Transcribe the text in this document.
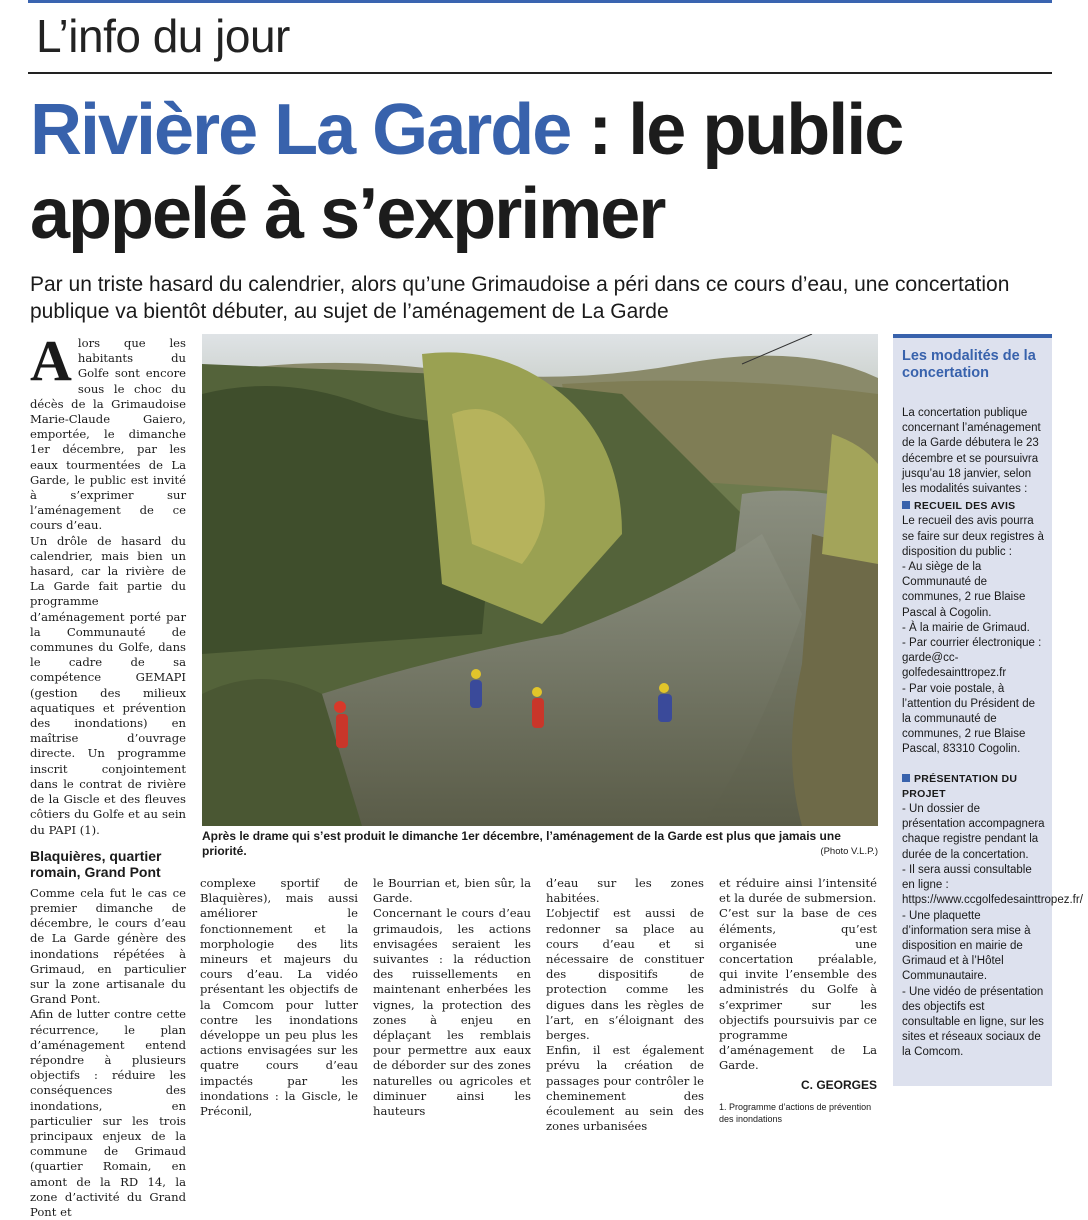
L’info du jour
Rivière La Garde : le public appelé à s’exprimer
Par un triste hasard du calendrier, alors qu’une Grimaudoise a péri dans ce cours d’eau, une concertation publique va bientôt débuter, au sujet de l’aménagement de La Garde

Alors que les habitants du Golfe sont encore sous le choc du décès de la Grimaudoise Marie-Claude Gaiero, emportée, le dimanche 1er décembre, par les eaux tourmentées de La Garde, le public est invité à s’exprimer sur l’aménagement de ce cours d’eau.

Un drôle de hasard du calendrier, mais bien un hasard, car la rivière de La Garde fait partie du programme d’aménagement porté par la Communauté de communes du Golfe, dans le cadre de sa compétence GEMAPI (gestion des milieux aquatiques et prévention des inondations) en maîtrise d’ouvrage directe. Un programme inscrit conjointement dans le contrat de rivière de la Giscle et des fleuves côtiers du Golfe et au sein du PAPI (1).

Blaquières, quartier romain, Grand Pont

Comme cela fut le cas ce premier dimanche de décembre, le cours d’eau de La Garde génère des inondations répétées à Grimaud, en particulier sur la zone artisanale du Grand Pont.

Afin de lutter contre cette récurrence, le plan d’aménagement entend répondre à plusieurs objectifs : réduire les conséquences des inondations, en particulier sur les trois principaux enjeux de la commune de Grimaud (quartier Romain, en amont de la RD 14, la zone d’activité du Grand Pont et

Après le drame qui s’est produit le dimanche 1er décembre, l’aménagement de la Garde est plus que jamais une priorité.	(Photo V.L.P.)

complexe sportif de Blaquières), mais aussi améliorer le fonctionnement et la morphologie des lits mineurs et majeurs du cours d’eau. La vidéo présentant les objectifs de la Comcom pour lutter contre les inondations développe un peu plus les actions envisagées sur les quatre cours d’eau impactés par les inondations : la Giscle, le Préconil,

le Bourrian et, bien sûr, la Garde.

Concernant le cours d’eau grimaudois, les actions envisagées seraient les suivantes : la réduction des ruissellements en maintenant enherbées les vignes, la protection des zones à enjeu en déplaçant les remblais pour permettre aux eaux de déborder sur des zones naturelles ou agricoles et diminuer ainsi les hauteurs

d’eau sur les zones habitées.

L’objectif est aussi de redonner sa place au cours d’eau et si nécessaire de constituer des dispositifs de protection comme les digues dans les règles de l’art, en s’éloignant des berges.

Enfin, il est également prévu la création de passages pour contrôler le cheminement des écoulement au sein des zones urbanisées

et réduire ainsi l’intensité et la durée de submersion.

C’est sur la base de ces éléments, qu’est organisée une concertation préalable, qui invite l’ensemble des administrés du Golfe à s’exprimer sur les objectifs poursuivis par ce programme d’aménagement de La Garde.

C. GEORGES
1. Programme d’actions de prévention des inondations
Les modalités de la concertation

La concertation publique concernant l’aménagement de la Garde débutera le 23 décembre et se poursuivra jusqu’au 18 janvier, selon les modalités suivantes :

RECUEIL DES AVIS

Le recueil des avis pourra se faire sur deux registres à disposition du public :

- Au siège de la Communauté de communes, 2 rue Blaise Pascal à Cogolin.

- À la mairie de Grimaud.

- Par courrier électronique : garde@cc-golfedesainttropez.fr

- Par voie postale, à l’attention du Président de la communauté de communes, 2 rue Blaise Pascal, 83310 Cogolin.

PRÉSENTATION DU PROJET

- Un dossier de présentation accompagnera chaque registre pendant la durée de la concertation.

- Il sera aussi consultable en ligne : https://www.ccgolfedesainttropez.fr/

- Une plaquette d’information sera mise à disposition en mairie de Grimaud et à l’Hôtel Communautaire.

- Une vidéo de présentation des objectifs est consultable en ligne, sur les sites et réseaux sociaux de la Comcom.
